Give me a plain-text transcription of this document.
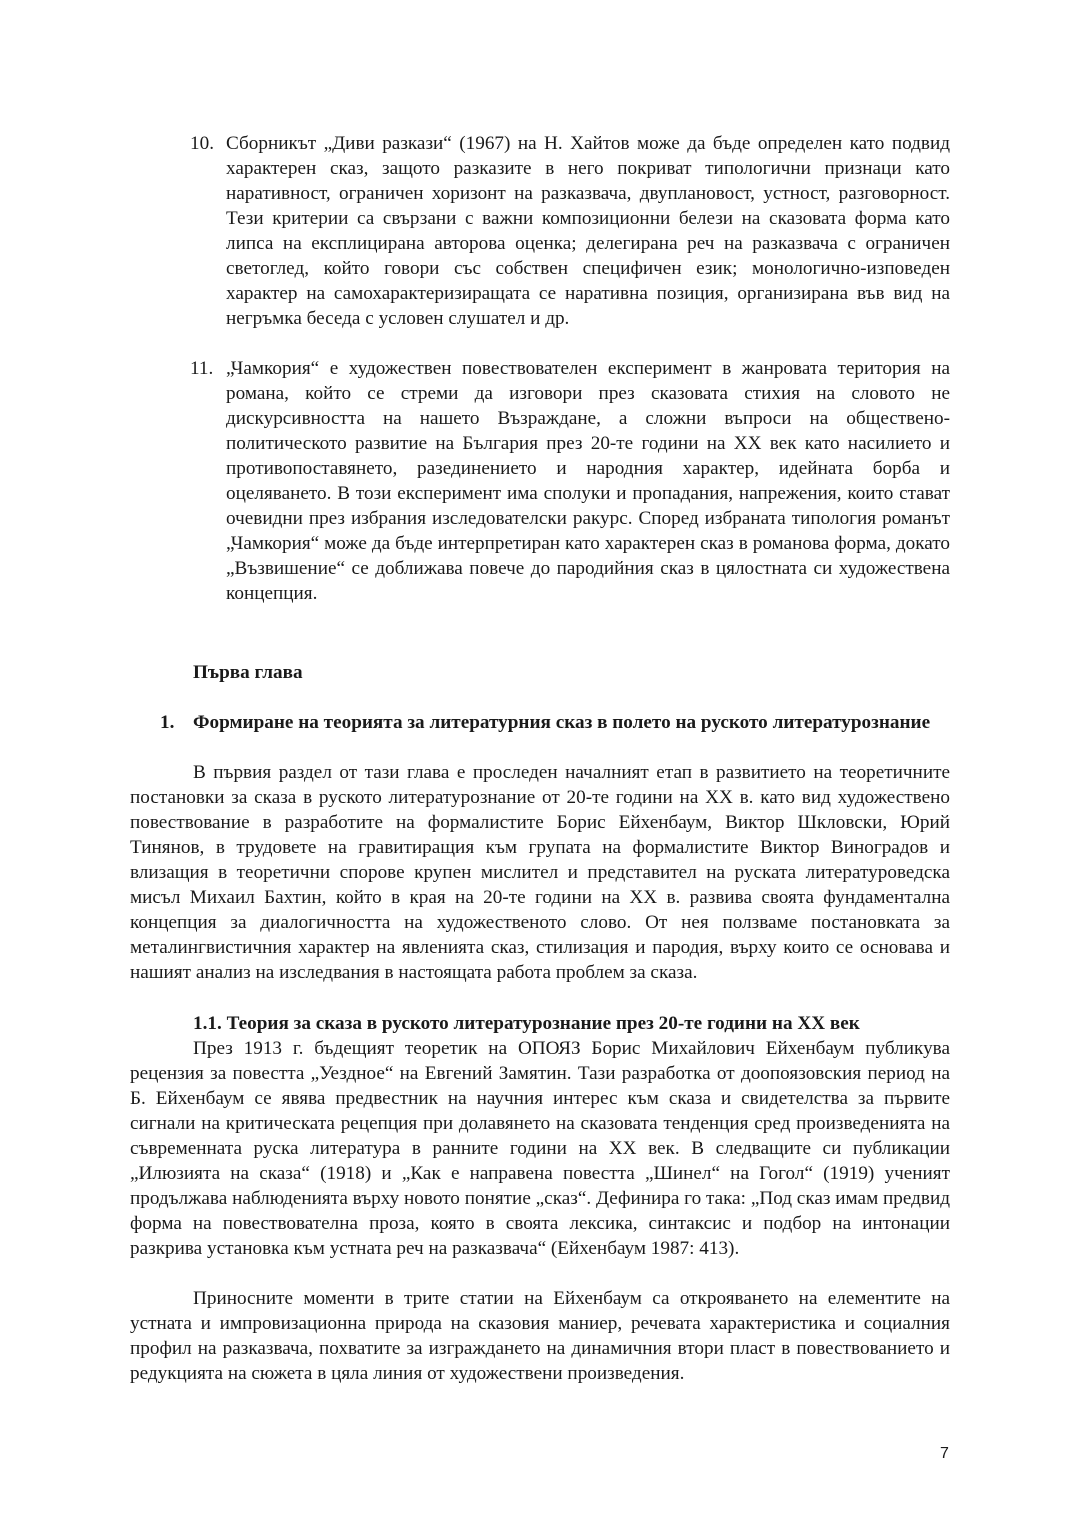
10. Сборникът „Диви разкази“ (1967) на Н. Хайтов може да бъде определен като подвид характерен сказ, защото разказите в него покриват типологични признаци като наративност, ограничен хоризонт на разказвача, двуплановост, устност, разговорност. Тези критерии са свързани с важни композиционни белези на сказовата форма като липса на експлицирана авторова оценка; делегирана реч на разказвача с ограничен светоглед, който говори със собствен специфичен език; монологично-изповеден характер на самохарактеризиращата се наративна позиция, организирана във вид на негръмка беседа с условен слушател и др.

11. „Чамкория“ е художествен повествователен експеримент в жанровата територия на романа, който се стреми да изговори през сказовата стихия на словото не дискурсивността на нашето Възраждане, а сложни въпроси на обществено-политическото развитие на България през 20-те години на XX век като насилието и противопоставянето, разединението и народния характер, идейната борба и оцеляването. В този експеримент има сполуки и пропадания, напрежения, които стават очевидни през избрания изследователски ракурс. Според избраната типология романът „Чамкория“ може да бъде интерпретиран като характерен сказ в романова форма, докато „Възвишение“ се доближава повече до пародийния сказ в цялостната си художествена концепция.

Първа глава

1. Формиране на теорията за литературния сказ в полето на руското литературознание

В първия раздел от тази глава е проследен началният етап в развитието на теоретичните постановки за сказа в руското литературознание от 20-те години на XX в. като вид художествено повествование в разработите на формалистите Борис Ейхенбаум, Виктор Шкловски, Юрий Тинянов, в трудовете на гравитиращия към групата на формалистите Виктор Виноградов и влизащия в теоретични спорове крупен мислител и представител на руската литературоведска мисъл Михаил Бахтин, който в края на 20-те години на XX в. развива своята фундаментална концепция за диалогичността на художественото слово. От нея ползваме постановката за металингвистичния характер на явленията сказ, стилизация и пародия, върху които се основава и нашият анализ на изследвания в настоящата работа проблем за сказа.

1.1. Теория за сказа в руското литературознание през 20-те години на XX век

През 1913 г. бъдещият теоретик на ОПОЯЗ Борис Михайлович Ейхенбаум публикува рецензия за повестта „Уездное“ на Евгений Замятин. Тази разработка от доопоязовския период на Б. Ейхенбаум се явява предвестник на научния интерес към сказа и свидетелства за първите сигнали на критическата рецепция при долавянето на сказовата тенденция сред произведенията на съвременната руска литература в ранните години на XX век. В следващите си публикации „Илюзията на сказа“ (1918) и „Как е направена повестта „Шинел“ на Гогол“ (1919) ученият продължава наблюденията върху новото понятие „сказ“. Дефинира го така: „Под сказ имам предвид форма на повествователна проза, която в своята лексика, синтаксис и подбор на интонации разкрива установка към устната реч на разказвача“ (Ейхенбаум 1987: 413).

Приносните моменти в трите статии на Ейхенбаум са открояването на елементите на устната и импровизационна природа на сказовия маниер, речевата характеристика и социалния профил на разказвача, похватите за изграждането на динамичния втори пласт в повествованието и редукцията на сюжета в цяла линия от художествени произведения.

7
